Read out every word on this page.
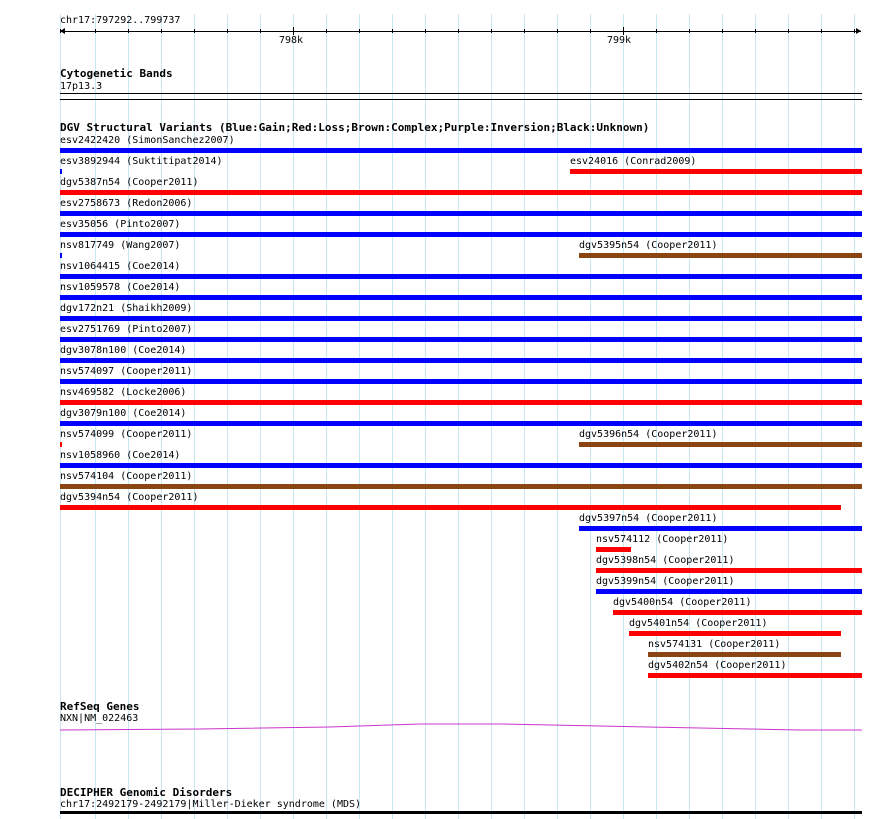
chr17:797292..799737
798k	799k
Cytogenetic Bands
17p13.3
DGV Structural Variants (Blue:Gain;Red:Loss;Brown:Complex;Purple:Inversion;Black:Unknown)
esv2422420 (SimonSanchez2007)
esv3892944 (Suktitipat2014)	esv24016 (Conrad2009)
dgv5387n54 (Cooper2011)
esv2758673 (Redon2006)
esv35056 (Pinto2007)
nsv817749 (Wang2007)	dgv5395n54 (Cooper2011)
nsv1064415 (Coe2014)
nsv1059578 (Coe2014)
dgv172n21 (Shaikh2009)
esv2751769 (Pinto2007)
dgv3078n100 (Coe2014)
nsv574097 (Cooper2011)
nsv469582 (Locke2006)
dgv3079n100 (Coe2014)
nsv574099 (Cooper2011)	dgv5396n54 (Cooper2011)
nsv1058960 (Coe2014)
nsv574104 (Cooper2011)
dgv5394n54 (Cooper2011)
dgv5397n54 (Cooper2011)
nsv574112 (Cooper2011)
dgv5398n54 (Cooper2011)
dgv5399n54 (Cooper2011)
dgv5400n54 (Cooper2011)
dgv5401n54 (Cooper2011)
nsv574131 (Cooper2011)
dgv5402n54 (Cooper2011)
RefSeq Genes
NXN|NM_022463
DECIPHER Genomic Disorders
chr17:2492179-2492179|Miller-Dieker syndrome (MDS)
